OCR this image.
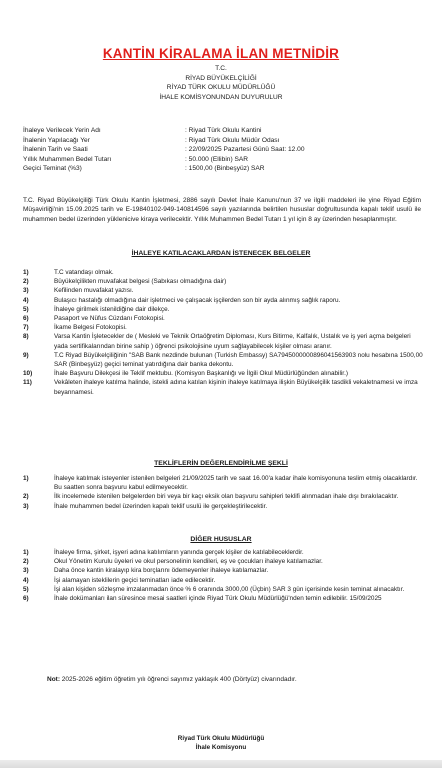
KANTİN KİRALAMA İLAN METNİDİR
T.C.
RİYAD BÜYÜKELÇİLİĞİ
RİYAD TÜRK OKULU MÜDÜRLÜĞÜ
İHALE KOMİSYONUNDAN DUYURULUR
İhaleye Verilecek Yerin Adı	: Riyad Türk Okulu Kantini
İhalenin Yapılacağı Yer	: Riyad Türk Okulu Müdür Odası
İhalenin Tarih ve Saati	: 22/09/2025 Pazartesi Günü Saat: 12.00
Yıllık Muhammen Bedel Tutarı	: 50.000 (Ellibin) SAR
Geçici Teminat (%3)	: 1500,00 (Binbeşyüz) SAR
T.C. Riyad Büyükelçiliği Türk Okulu Kantin İşletmesi, 2886 sayılı Devlet İhale Kanunu'nun 37 ve ilgili maddeleri ile yine Riyad Eğitim Müşavirliği'nin 15.09.2025 tarih ve E-19840102-949-140814596 sayılı yazılarında belirtilen hususlar doğrultusunda kapalı teklif usulü ile muhammen bedel üzerinden yüklenicive kiraya verilecektir. Yıllık Muhammen Bedel Tutarı 1 yıl için 8 ay üzerinden hesaplanmıştır.
İHALEYE KATILACAKLARDAN İSTENECEK BELGELER
1)	T.C vatandaşı olmak.
2)	Büyükelçilikten muvafakat belgesi (Sabıkası olmadığına dair)
3)	Kefilinden muvafakat yazısı.
4)	Bulaşıcı hastalığı olmadığına dair işletmeci ve çalışacak işçilerden son bir ayda alınmış sağlık raporu.
5)	İhaleye girilmek istenildiğine dair dilekçe.
6)	Pasaport ve Nüfus Cüzdanı Fotokopisi.
7)	İkame Belgesi Fotokopisi.
8)	Varsa Kantin İşletecekler de ( Mesleki ve Teknik Ortaöğretim Diploması, Kurs Bitirme, Kalfalık, Ustalık ve iş yeri açma belgeleri yada sertifikalarından birine sahip ) öğrenci psikolojisine uyum sağlayabilecek kişiler olması aranır.
9)	T.C Riyad Büyükelçiliğinin "SAB Bank nezdinde bulunan (Turkish Embassy) SA7945000000896041563903 nolu hesabına 1500,00 SAR (Binbeşyüz) geçici teminat yatırdığına dair banka dekontu.
10)	İhale Başvuru Dilekçesi ile Teklif mektubu. (Komisyon Başkanlığı ve İlgili Okul Müdürlüğünden alınabilir.)
11)	Vekâleten ihaleye katılma halinde, istekli adına katılan kişinin ihaleye katılmaya ilişkin Büyükelçilik tasdikli vekaletnamesi ve imza beyannamesi.
TEKLİFLERİN DEĞERLENDİRİLME ŞEKLİ
1)	İhaleye katılmak isteyenler istenilen belgeleri 21/09/2025 tarih ve saat 16.00'a kadar ihale komisyonuna teslim etmiş olacaklardır. Bu saatten sonra başvuru kabul edilmeyecektir.
2)	İlk incelemede istenilen belgelerden biri veya bir kaçı eksik olan başvuru sahipleri teklifi alınmadan ihale dışı bırakılacaktır.
3)	İhale muhammen bedel üzerinden kapalı teklif usulü ile gerçekleştirilecektir.
DİĞER HUSUSLAR
1)	İhaleye firma, şirket, işyeri adına katılımların yanında gerçek kişiler de katılabileceklerdir.
2)	Okul Yönetim Kurulu üyeleri ve okul personelinin kendileri, eş ve çocukları ihaleye katılamazlar.
3)	Daha önce kantin kiralayıp kira borçlarını ödemeyenler ihaleye katılamazlar.
4)	İşi alamayan isteklilerin geçici teminatları iade edilecektir.
5)	İşi alan kişiden sözleşme imzalanmadan önce % 6 oranında 3000,00 (Üçbin) SAR 3 gün içerisinde kesin teminat alınacaktır.
6)	İhale dokümanları ilan süresince mesai saatleri içinde Riyad Türk Okulu Müdürlüğü'nden temin edilebilir. 15/09/2025
Not: 2025-2026 eğitim öğretim yılı öğrenci sayımız yaklaşık 400 (Dörtyüz) civarındadır.
Riyad Türk Okulu Müdürlüğü
İhale Komisyonu
